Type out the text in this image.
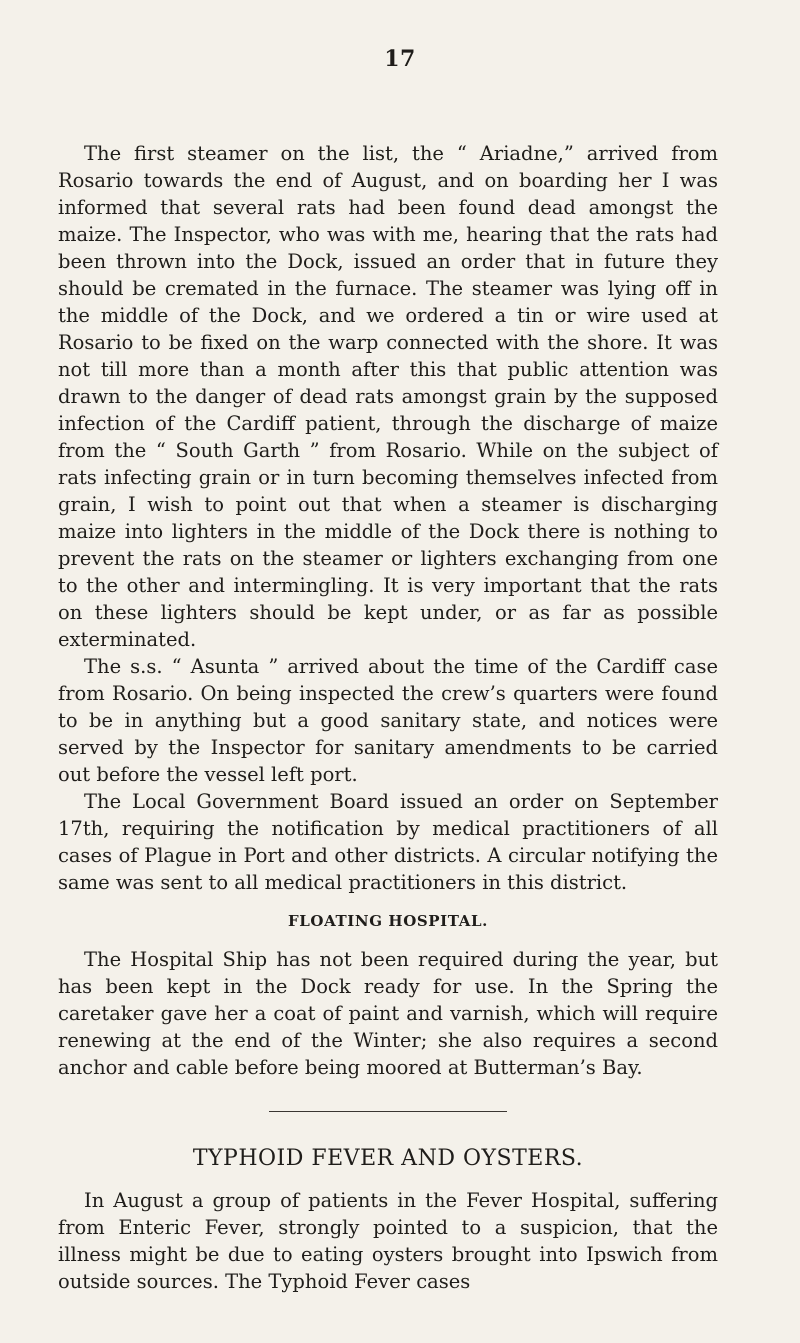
17

The first steamer on the list, the “ Ariadne,” arrived from Rosario towards the end of August, and on boarding her I was informed that several rats had been found dead amongst the maize. The Inspector, who was with me, hearing that the rats had been thrown into the Dock, issued an order that in future they should be cremated in the furnace. The steamer was lying off in the middle of the Dock, and we ordered a tin or wire used at Rosario to be fixed on the warp connected with the shore. It was not till more than a month after this that public attention was drawn to the danger of dead rats amongst grain by the supposed infection of the Cardiff patient, through the discharge of maize from the “ South Garth ” from Rosario. While on the subject of rats infecting grain or in turn becoming themselves infected from grain, I wish to point out that when a steamer is discharging maize into lighters in the middle of the Dock there is nothing to prevent the rats on the steamer or lighters exchanging from one to the other and intermingling. It is very important that the rats on these lighters should be kept under, or as far as possible exterminated.

The s.s. “ Asunta ” arrived about the time of the Cardiff case from Rosario. On being inspected the crew’s quarters were found to be in anything but a good sanitary state, and notices were served by the Inspector for sanitary amendments to be carried out before the vessel left port.

The Local Government Board issued an order on September 17th, requiring the notification by medical practitioners of all cases of Plague in Port and other districts. A circular notifying the same was sent to all medical practitioners in this district.

FLOATING HOSPITAL.

The Hospital Ship has not been required during the year, but has been kept in the Dock ready for use. In the Spring the caretaker gave her a coat of paint and varnish, which will require renewing at the end of the Winter; she also requires a second anchor and cable before being moored at Butterman’s Bay.

TYPHOID FEVER AND OYSTERS.

In August a group of patients in the Fever Hospital, suffering from Enteric Fever, strongly pointed to a suspicion, that the illness might be due to eating oysters brought into Ipswich from outside sources. The Typhoid Fever cases
